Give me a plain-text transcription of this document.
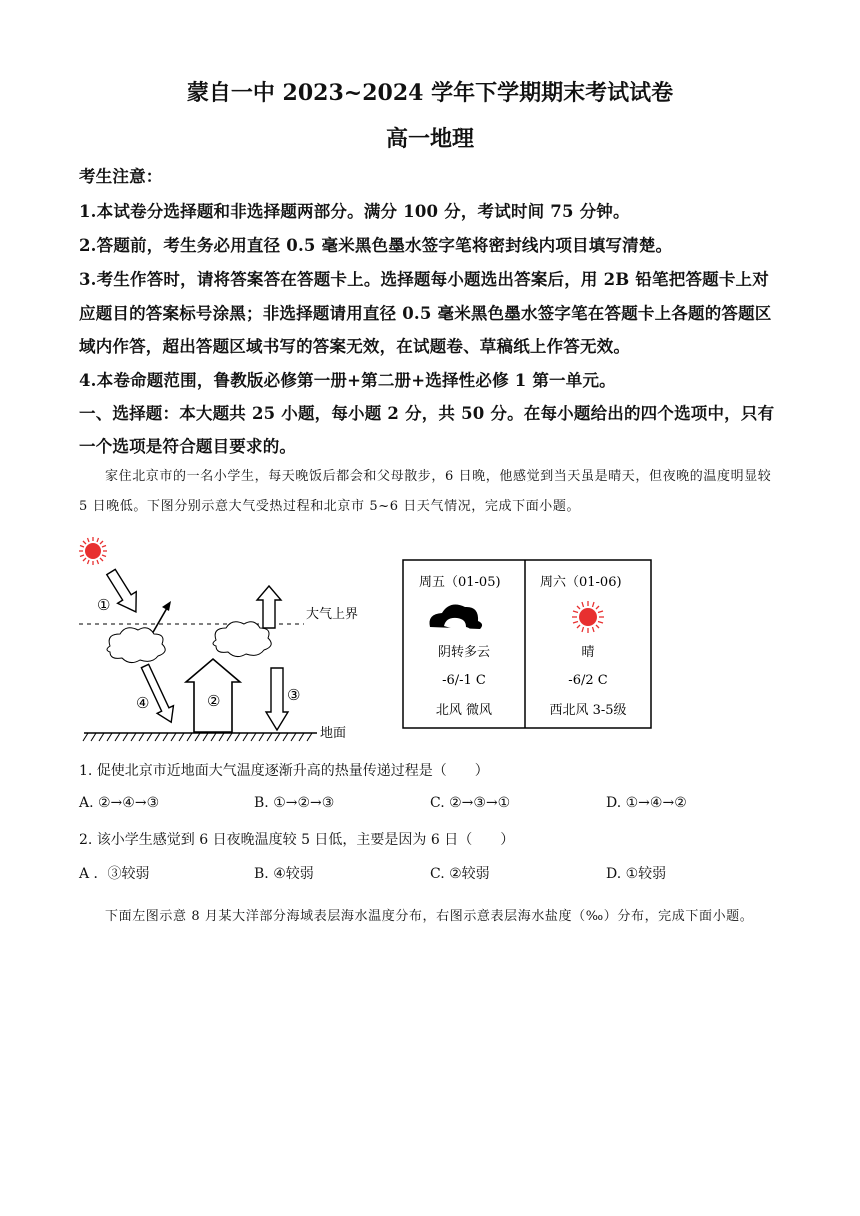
蒙自一中 2023~2024 学年下学期期末考试试卷
高一地理
考生注意：
1.本试卷分选择题和非选择题两部分。满分 100 分，考试时间 75 分钟。
2.答题前，考生务必用直径 0.5 毫米黑色墨水签字笔将密封线内项目填写清楚。
3.考生作答时，请将答案答在答题卡上。选择题每小题选出答案后，用 2B 铅笔把答题卡上对
应题目的答案标号涂黑；非选择题请用直径 0.5 毫米黑色墨水签字笔在答题卡上各题的答题区
域内作答，超出答题区域书写的答案无效，在试题卷、草稿纸上作答无效。
4.本卷命题范围，鲁教版必修第一册+第二册+选择性必修 1 第一单元。
一、选择题：本大题共 25 小题，每小题 2 分，共 50 分。在每小题给出的四个选项中，只有
一个选项是符合题目要求的。
家住北京市的一名小学生，每天晚饭后都会和父母散步，6 日晚，他感觉到当天虽是晴天，但夜晚的温度明显较 5 日晚低。下图分别示意大气受热过程和北京市 5~6 日天气情况，完成下面小题。
大气上界
①
④	②	③
地面
周五（01-05)	周六（01-06)
阴转多云	晴
-6/-1 C	-6/2 C
北风 微风	西北风 3-5级
1. 促使北京市近地面大气温度逐渐升高的热量传递过程是（　　）
A. ②→④→③	B. ①→②→③	C. ②→③→①	D. ①→④→②
2. 该小学生感觉到 6 日夜晚温度较 5 日低，主要是因为 6 日（　　）
A ．③较弱	B. ④较弱	C. ②较弱	D. ①较弱
下面左图示意 8 月某大洋部分海域表层海水温度分布，右图示意表层海水盐度（‰）分布，完成下面小题。
